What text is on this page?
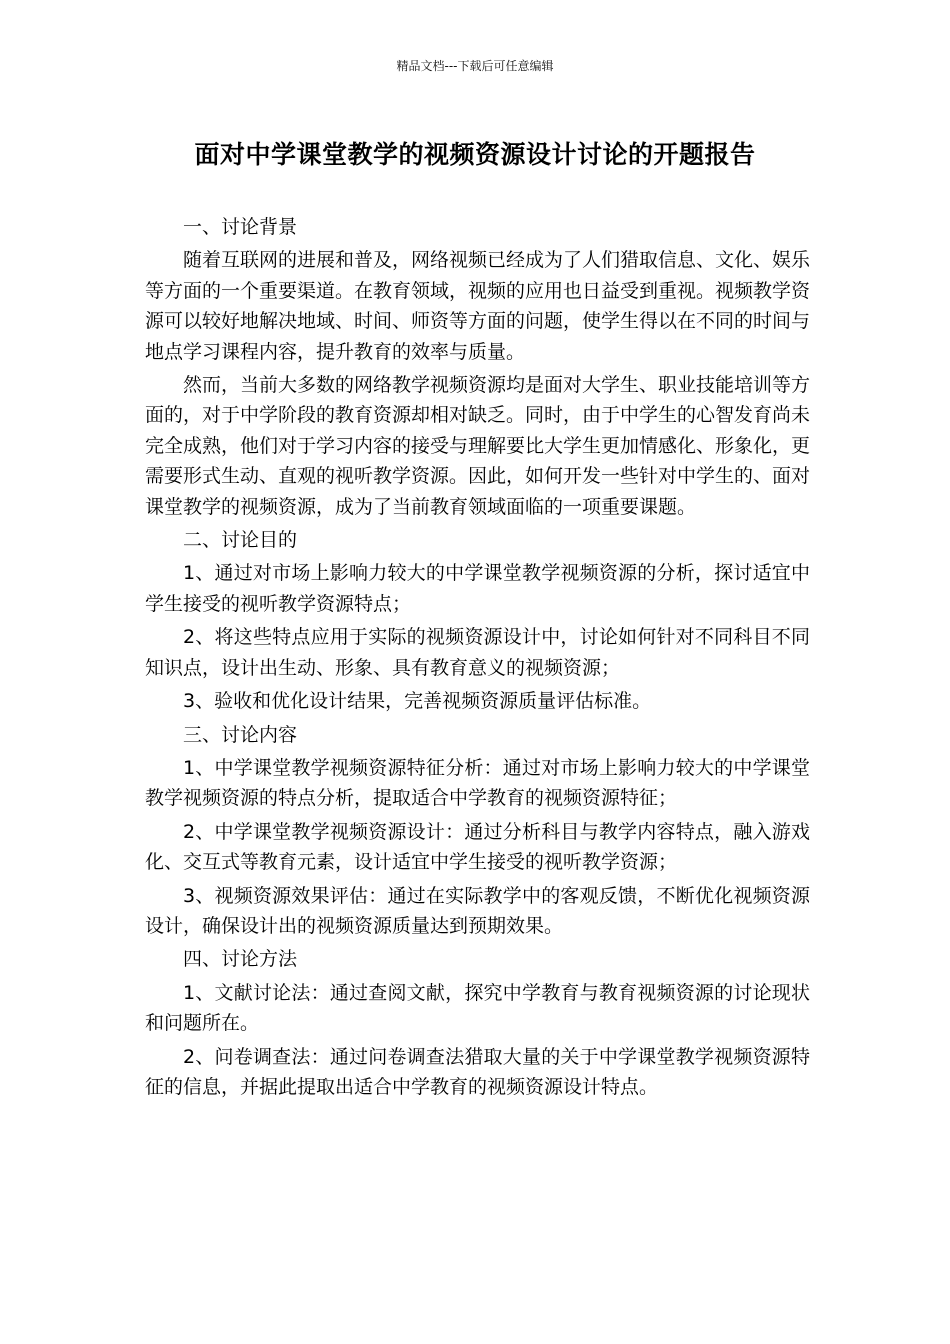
精品文档---下载后可任意编辑
面对中学课堂教学的视频资源设计讨论的开题报告

一、讨论背景

随着互联网的进展和普及，网络视频已经成为了人们猎取信息、文化、娱乐等方面的一个重要渠道。在教育领域，视频的应用也日益受到重视。视频教学资源可以较好地解决地域、时间、师资等方面的问题，使学生得以在不同的时间与地点学习课程内容，提升教育的效率与质量。

然而，当前大多数的网络教学视频资源均是面对大学生、职业技能培训等方面的，对于中学阶段的教育资源却相对缺乏。同时，由于中学生的心智发育尚未完全成熟，他们对于学习内容的接受与理解要比大学生更加情感化、形象化，更需要形式生动、直观的视听教学资源。因此，如何开发一些针对中学生的、面对课堂教学的视频资源，成为了当前教育领域面临的一项重要课题。

二、讨论目的

1、通过对市场上影响力较大的中学课堂教学视频资源的分析，探讨适宜中学生接受的视听教学资源特点；

2、将这些特点应用于实际的视频资源设计中，讨论如何针对不同科目不同知识点，设计出生动、形象、具有教育意义的视频资源；

3、验收和优化设计结果，完善视频资源质量评估标准。

三、讨论内容

1、中学课堂教学视频资源特征分析：通过对市场上影响力较大的中学课堂教学视频资源的特点分析，提取适合中学教育的视频资源特征；

2、中学课堂教学视频资源设计：通过分析科目与教学内容特点，融入游戏化、交互式等教育元素，设计适宜中学生接受的视听教学资源；

3、视频资源效果评估：通过在实际教学中的客观反馈，不断优化视频资源设计，确保设计出的视频资源质量达到预期效果。

四、讨论方法

1、文献讨论法：通过查阅文献，探究中学教育与教育视频资源的讨论现状和问题所在。

2、问卷调查法：通过问卷调查法猎取大量的关于中学课堂教学视频资源特征的信息，并据此提取出适合中学教育的视频资源设计特点。
